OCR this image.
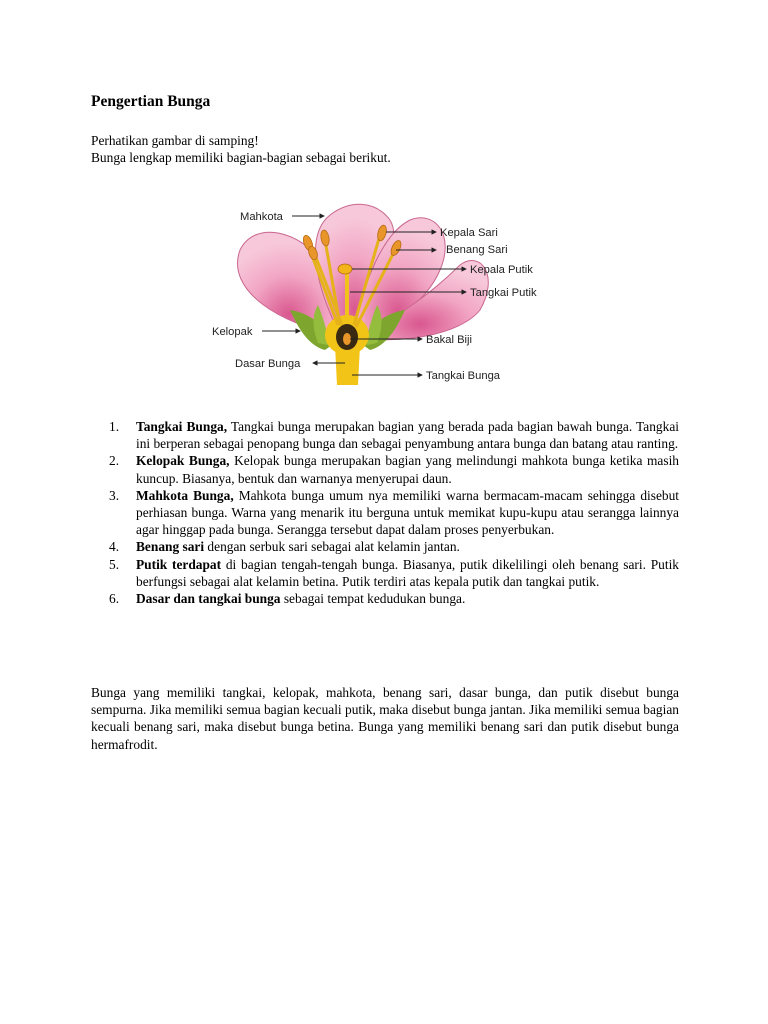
Pengertian Bunga

Perhatikan gambar di samping!

Bunga lengkap memiliki bagian-bagian sebagai berikut.

Mahkota
Kepala Sari
Benang Sari
Kepala Putik
Tangkai Putik
Kelopak
Bakal Biji
Dasar Bunga
Tangkai Bunga
1. Tangkai Bunga, Tangkai bunga merupakan bagian yang berada pada bagian bawah bunga. Tangkai ini berperan sebagai penopang bunga dan sebagai penyambung antara bunga dan batang atau ranting.
2. Kelopak Bunga, Kelopak bunga merupakan bagian yang melindungi mahkota bunga ketika masih kuncup. Biasanya, bentuk dan warnanya menyerupai daun.
3. Mahkota Bunga, Mahkota bunga umum nya memiliki warna bermacam-macam sehingga disebut perhiasan bunga. Warna yang menarik itu berguna untuk memikat kupu-kupu atau serangga lainnya agar hinggap pada bunga. Serangga tersebut dapat dalam proses penyerbukan.
4. Benang sari dengan serbuk sari sebagai alat kelamin jantan.
5. Putik terdapat di bagian tengah-tengah bunga. Biasanya, putik dikelilingi oleh benang sari. Putik berfungsi sebagai alat kelamin betina. Putik terdiri atas kepala putik dan tangkai putik.
6. Dasar dan tangkai bunga sebagai tempat kedudukan bunga.

Bunga yang memiliki tangkai, kelopak, mahkota, benang sari, dasar bunga, dan putik disebut bunga sempurna. Jika memiliki semua bagian kecuali putik, maka disebut bunga jantan. Jika memiliki semua bagian kecuali benang sari, maka disebut bunga betina. Bunga yang memiliki benang sari dan putik disebut bunga hermafrodit.
